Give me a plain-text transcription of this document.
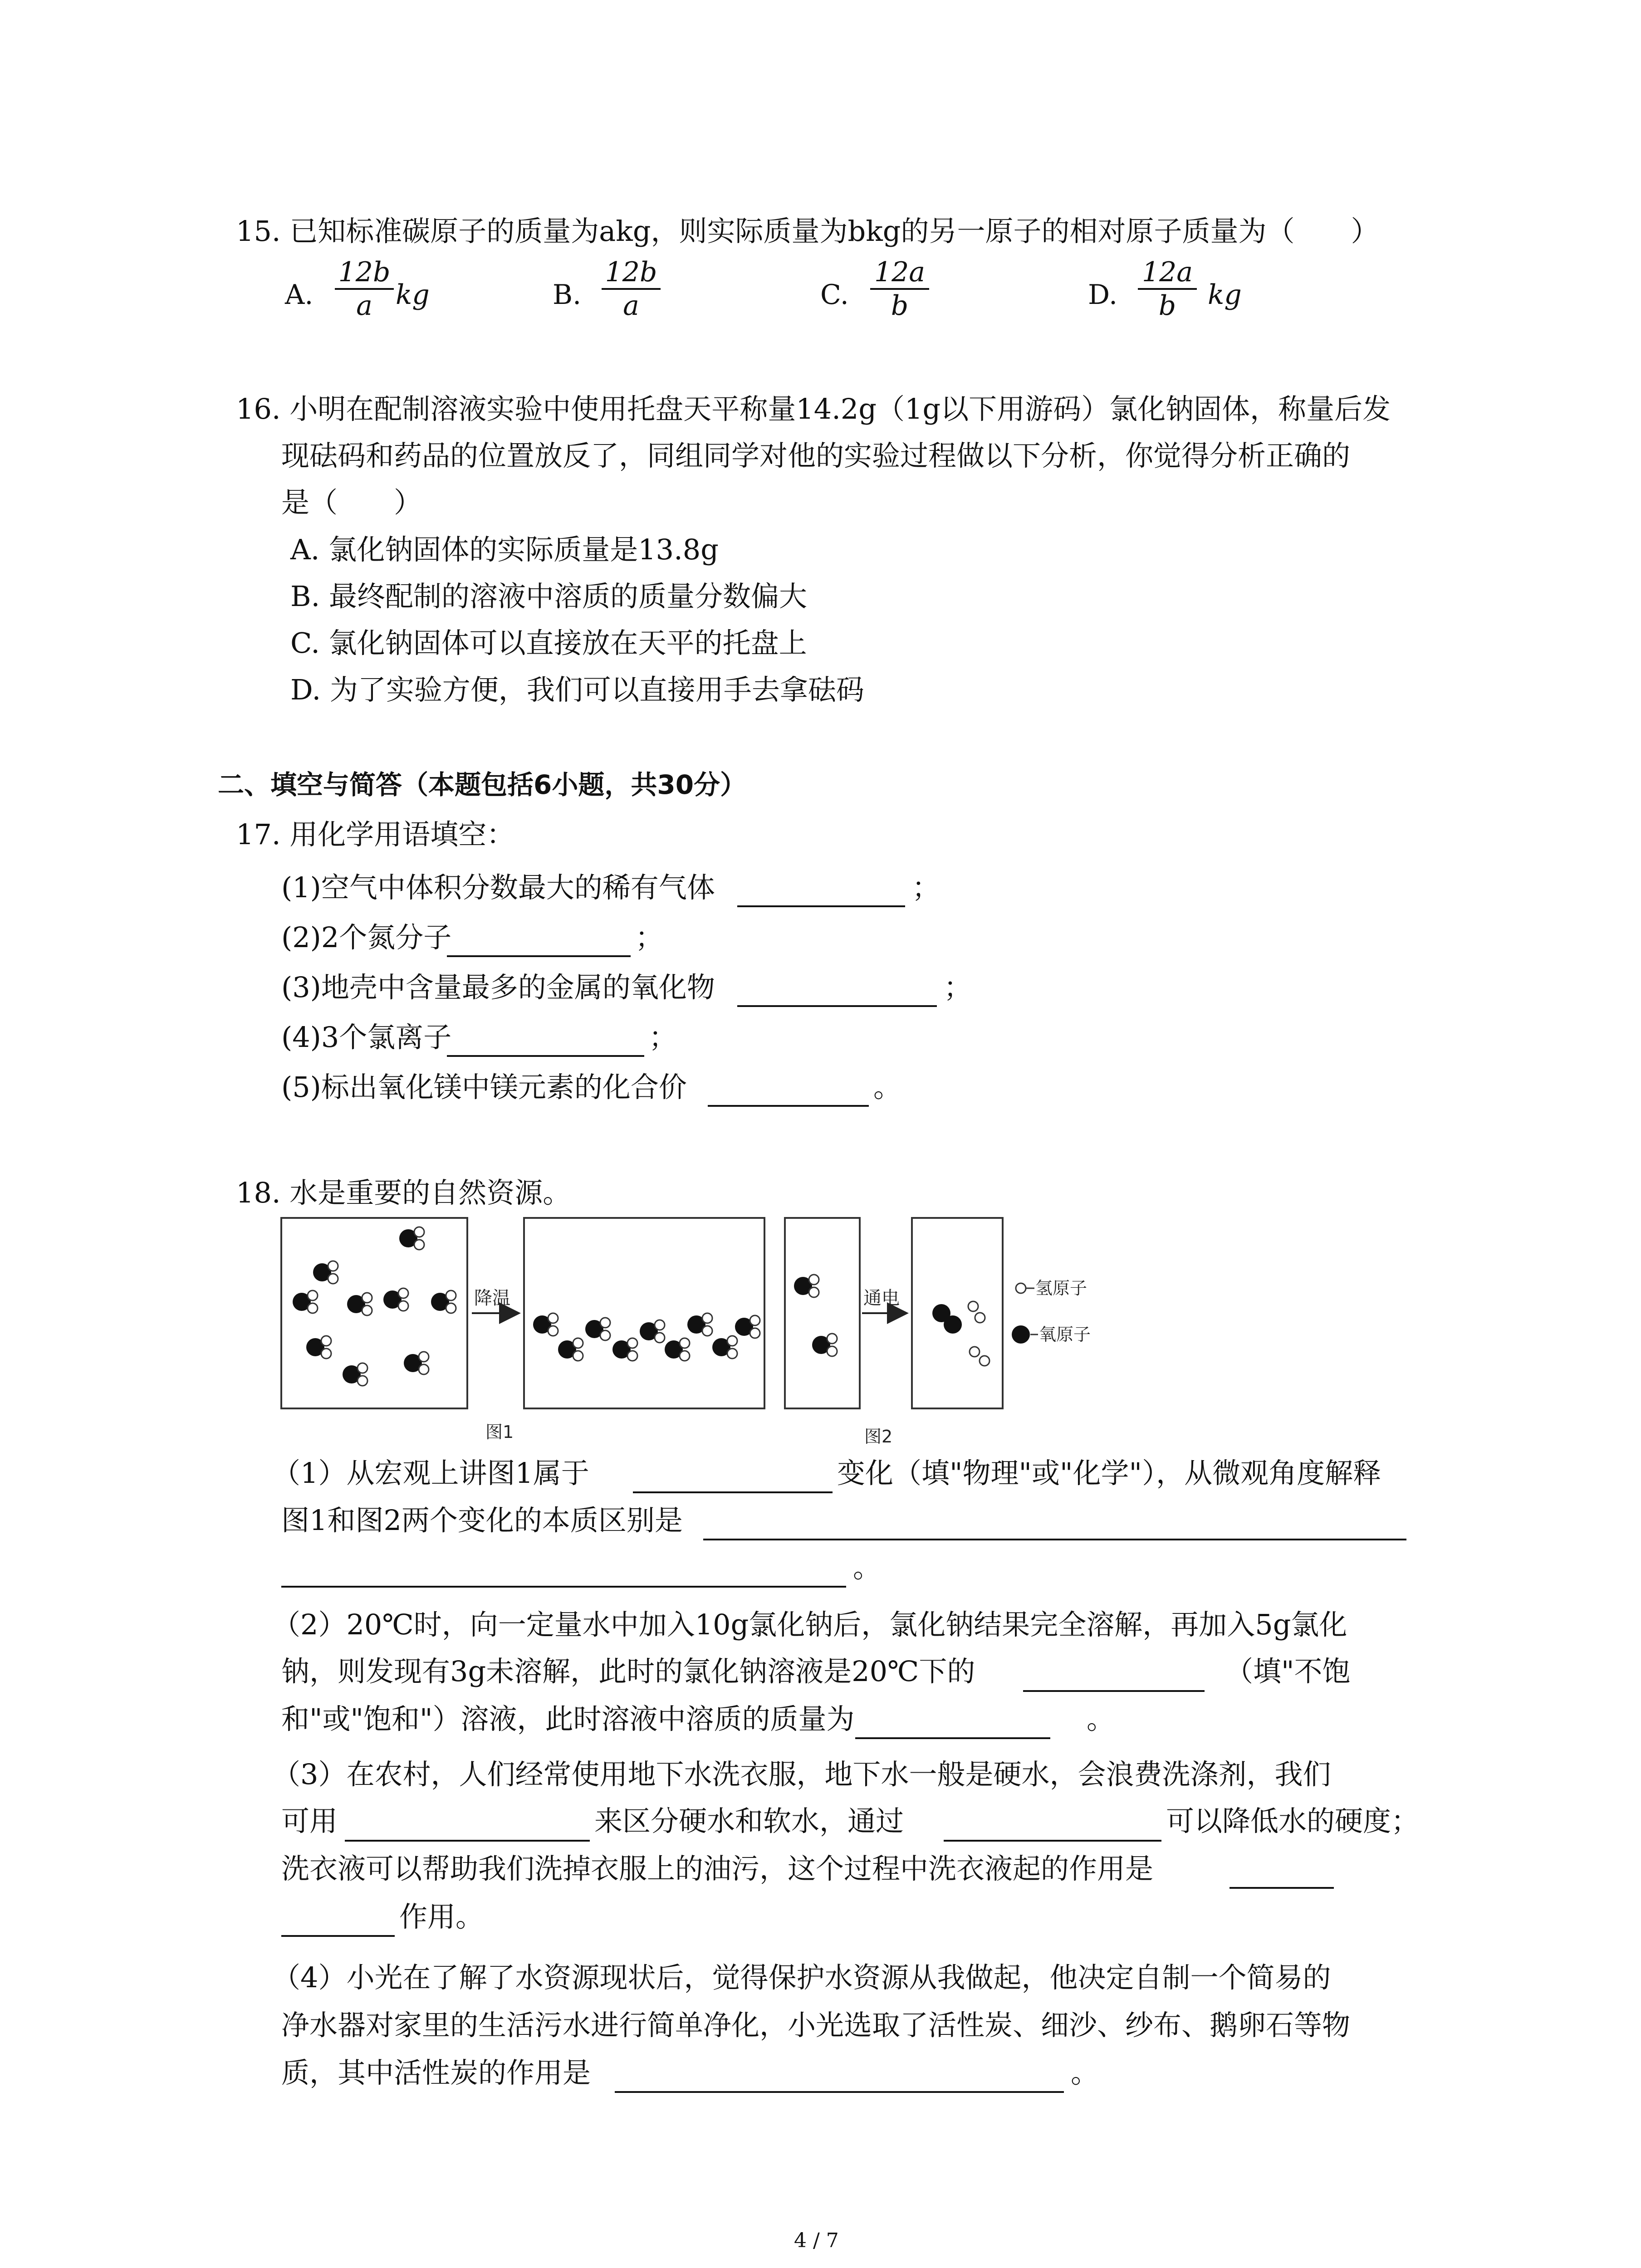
15. 已知标准碳原子的质量为akg，则实际质量为bkg的另一原子的相对原子质量为（　　）
A. $\frac{12b}{a}$ kg	B. $\frac{12b}{a}$	C. $\frac{12a}{b}$	D. $\frac{12a}{b}$ kg
16. 小明在配制溶液实验中使用托盘天平称量14.2g（1g以下用游码）氯化钠固体，称量后发
现砝码和药品的位置放反了，同组同学对他的实验过程做以下分析，你觉得分析正确的
是（　　）
A. 氯化钠固体的实际质量是13.8g
B. 最终配制的溶液中溶质的质量分数偏大
C. 氯化钠固体可以直接放在天平的托盘上
D. 为了实验方便，我们可以直接用手去拿砝码
二、填空与简答（本题包括6小题，共30分）
17. 用化学用语填空：
(1)空气中体积分数最大的稀有气体	；
(2)2个氮分子	；
(3)地壳中含量最多的金属的氧化物	；
(4)3个氯离子	；
(5)标出氧化镁中镁元素的化合价	。
18. 水是重要的自然资源。
降温	通电	氢原子
氧原子
图1	图2
（1）从宏观上讲图1属于	变化（填"物理"或"化学"），从微观角度解释
图1和图2两个变化的本质区别是
。
（2）20℃时，向一定量水中加入10g氯化钠后，氯化钠结果完全溶解，再加入5g氯化
钠，则发现有3g未溶解，此时的氯化钠溶液是20℃下的	（填"不饱
和"或"饱和"）溶液，此时溶液中溶质的质量为	。
（3）在农村，人们经常使用地下水洗衣服，地下水一般是硬水，会浪费洗涤剂，我们
可用	来区分硬水和软水，通过	可以降低水的硬度；
洗衣液可以帮助我们洗掉衣服上的油污，这个过程中洗衣液起的作用是
作用。
（4）小光在了解了水资源现状后，觉得保护水资源从我做起，他决定自制一个简易的
净水器对家里的生活污水进行简单净化，小光选取了活性炭、细沙、纱布、鹅卵石等物
质，其中活性炭的作用是	。
4 / 7
